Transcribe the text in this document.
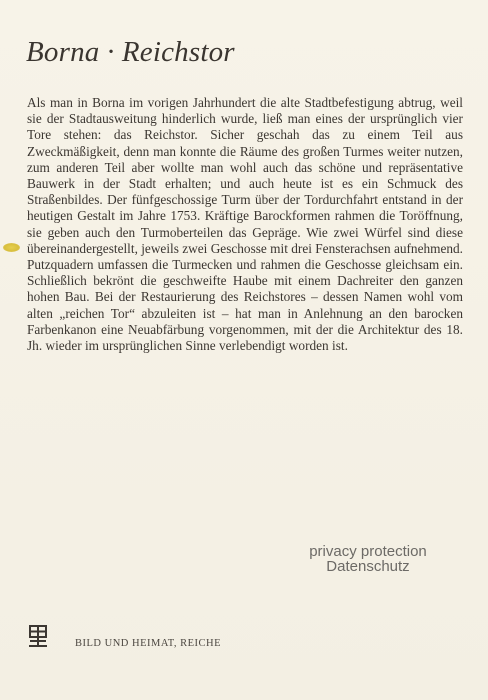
Borna · Reichstor
Als man in Borna im vorigen Jahrhundert die alte Stadtbefestigung abtrug, weil sie der Stadtausweitung hinderlich wurde, ließ man eines der ursprünglich vier Tore stehen: das Reichstor. Sicher geschah das zu einem Teil aus Zweckmäßigkeit, denn man konnte die Räume des großen Turmes weiter nutzen, zum anderen Teil aber wollte man wohl auch das schöne und repräsentative Bauwerk in der Stadt erhalten; und auch heute ist es ein Schmuck des Straßenbildes. Der fünfgeschossige Turm über der Tordurchfahrt entstand in der heutigen Gestalt im Jahre 1753. Kräftige Barockformen rahmen die Toröffnung, sie geben auch den Turmoberteilen das Gepräge. Wie zwei Würfel sind diese übereinandergestellt, jeweils zwei Geschosse mit drei Fensterachsen aufnehmend. Putzquadern umfassen die Turmecken und rahmen die Geschosse gleichsam ein. Schließlich bekrönt die geschweifte Haube mit einem Dachreiter den ganzen hohen Bau. Bei der Restaurierung des Reichstores – dessen Namen wohl vom alten „reichen Tor“ abzuleiten ist – hat man in Anlehnung an den barocken Farbenkanon eine Neuabfärbung vorgenommen, mit der die Architektur des 18. Jh. wieder im ursprünglichen Sinne verlebendigt worden ist.
privacy protection
Datenschutz
BILD UND HEIMAT, REICHE
